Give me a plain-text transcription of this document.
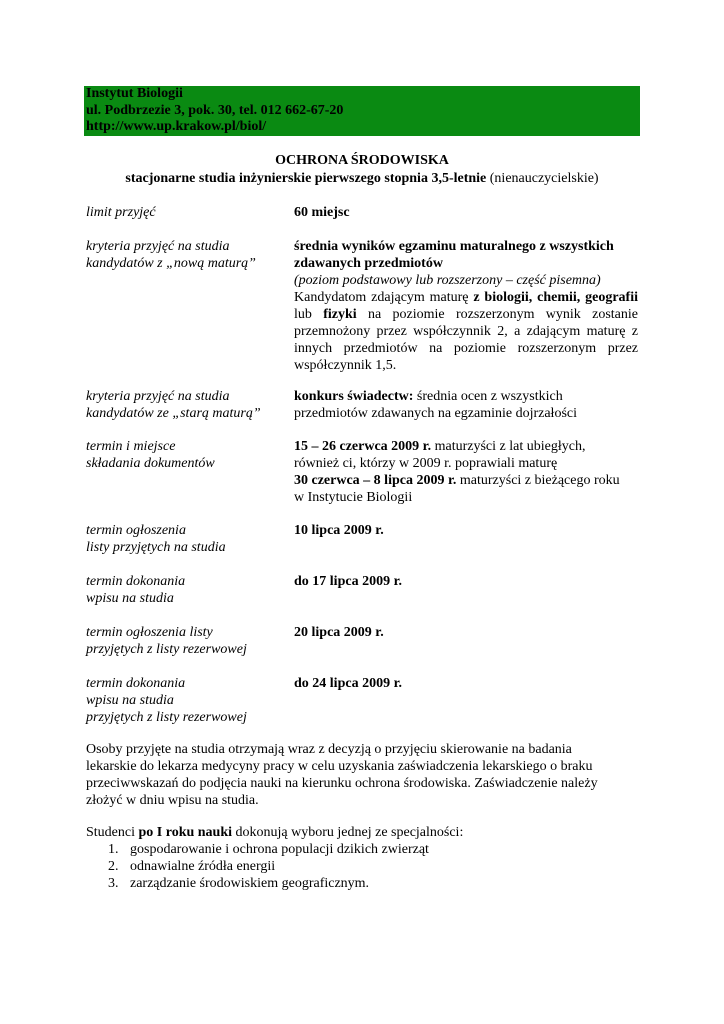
Instytut Biologii
ul. Podbrzezie 3, pok. 30, tel. 012 662-67-20
http://www.up.krakow.pl/biol/
OCHRONA ŚRODOWISKA
stacjonarne studia inżynierskie pierwszego stopnia 3,5-letnie (nienauczycielskie)
limit przyjęć	60 miejsc
kryteria przyjęć na studia
kandydatów z „nową maturą”
średnia wyników egzaminu maturalnego z wszystkich
zdawanych przedmiotów
(poziom podstawowy lub rozszerzony – część pisemna)
Kandydatom zdającym maturę z biologii, chemii, geografii lub fizyki na poziomie rozszerzonym wynik zostanie przemnożony przez współczynnik 2, a zdającym maturę z innych przedmiotów na poziomie rozszerzonym przez współczynnik 1,5.
kryteria przyjęć na studia
kandydatów ze „starą maturą”
konkurs świadectw: średnia ocen z wszystkich
przedmiotów zdawanych na egzaminie dojrzałości
termin i miejsce
składania dokumentów
15 – 26 czerwca 2009 r. maturzyści z lat ubiegłych,
również ci, którzy w 2009 r. poprawiali maturę
30 czerwca – 8 lipca 2009 r. maturzyści z bieżącego roku
w Instytucie Biologii
termin ogłoszenia
listy przyjętych na studia
10 lipca 2009 r.
termin dokonania
wpisu na studia
do 17 lipca 2009 r.
termin ogłoszenia listy
przyjętych z listy rezerwowej
20 lipca 2009 r.
termin dokonania
wpisu na studia
przyjętych z listy rezerwowej
do 24 lipca 2009 r.
Osoby przyjęte na studia otrzymają wraz z decyzją o przyjęciu skierowanie na badania
lekarskie do lekarza medycyny pracy w celu uzyskania zaświadczenia lekarskiego o braku
przeciwwskazań do podjęcia nauki na kierunku ochrona środowiska. Zaświadczenie należy
złożyć w dniu wpisu na studia.
Studenci po I roku nauki dokonują wyboru jednej ze specjalności:
1. gospodarowanie i ochrona populacji dzikich zwierząt
2. odnawialne źródła energii
3. zarządzanie środowiskiem geograficznym.
